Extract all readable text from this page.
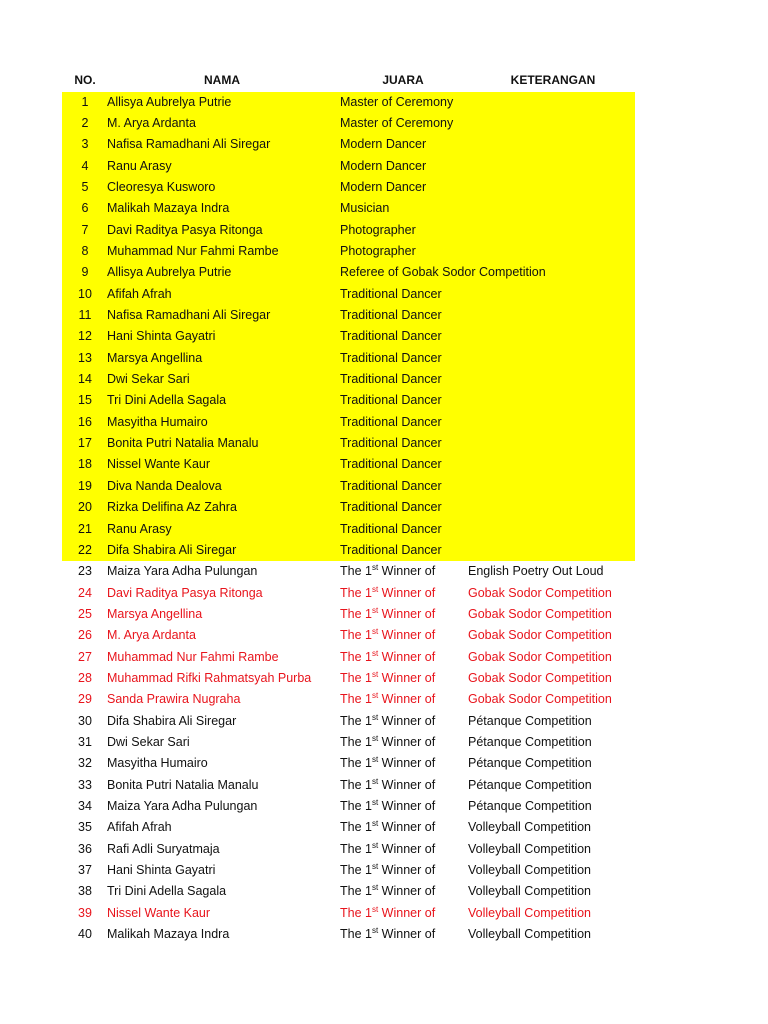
NO.	NAMA	JUARA	KETERANGAN
1	Allisya Aubrelya Putrie	Master of Ceremony
2	M. Arya Ardanta	Master of Ceremony
3	Nafisa Ramadhani Ali Siregar	Modern Dancer
4	Ranu Arasy	Modern Dancer
5	Cleoresya Kusworo	Modern Dancer
6	Malikah Mazaya Indra	Musician
7	Davi Raditya Pasya Ritonga	Photographer
8	Muhammad Nur Fahmi Rambe	Photographer
9	Allisya Aubrelya Putrie	Referee of Gobak Sodor Competition
10	Afifah Afrah	Traditional Dancer
11	Nafisa Ramadhani Ali Siregar	Traditional Dancer
12	Hani Shinta Gayatri	Traditional Dancer
13	Marsya Angellina	Traditional Dancer
14	Dwi Sekar Sari	Traditional Dancer
15	Tri Dini Adella Sagala	Traditional Dancer
16	Masyitha Humairo	Traditional Dancer
17	Bonita Putri Natalia Manalu	Traditional Dancer
18	Nissel Wante Kaur	Traditional Dancer
19	Diva Nanda Dealova	Traditional Dancer
20	Rizka Delifina Az Zahra	Traditional Dancer
21	Ranu Arasy	Traditional Dancer
22	Difa Shabira Ali Siregar	Traditional Dancer
23	Maiza Yara Adha Pulungan	The 1st Winner of	English Poetry Out Loud
24	Davi Raditya Pasya Ritonga	The 1st Winner of	Gobak Sodor Competition
25	Marsya Angellina	The 1st Winner of	Gobak Sodor Competition
26	M. Arya Ardanta	The 1st Winner of	Gobak Sodor Competition
27	Muhammad Nur Fahmi Rambe	The 1st Winner of	Gobak Sodor Competition
28	Muhammad Rifki Rahmatsyah Purba	The 1st Winner of	Gobak Sodor Competition
29	Sanda Prawira Nugraha	The 1st Winner of	Gobak Sodor Competition
30	Difa Shabira Ali Siregar	The 1st Winner of	Pétanque Competition
31	Dwi Sekar Sari	The 1st Winner of	Pétanque Competition
32	Masyitha Humairo	The 1st Winner of	Pétanque Competition
33	Bonita Putri Natalia Manalu	The 1st Winner of	Pétanque Competition
34	Maiza Yara Adha Pulungan	The 1st Winner of	Pétanque Competition
35	Afifah Afrah	The 1st Winner of	Volleyball Competition
36	Rafi Adli Suryatmaja	The 1st Winner of	Volleyball Competition
37	Hani Shinta Gayatri	The 1st Winner of	Volleyball Competition
38	Tri Dini Adella Sagala	The 1st Winner of	Volleyball Competition
39	Nissel Wante Kaur	The 1st Winner of	Volleyball Competition
40	Malikah Mazaya Indra	The 1st Winner of	Volleyball Competition
